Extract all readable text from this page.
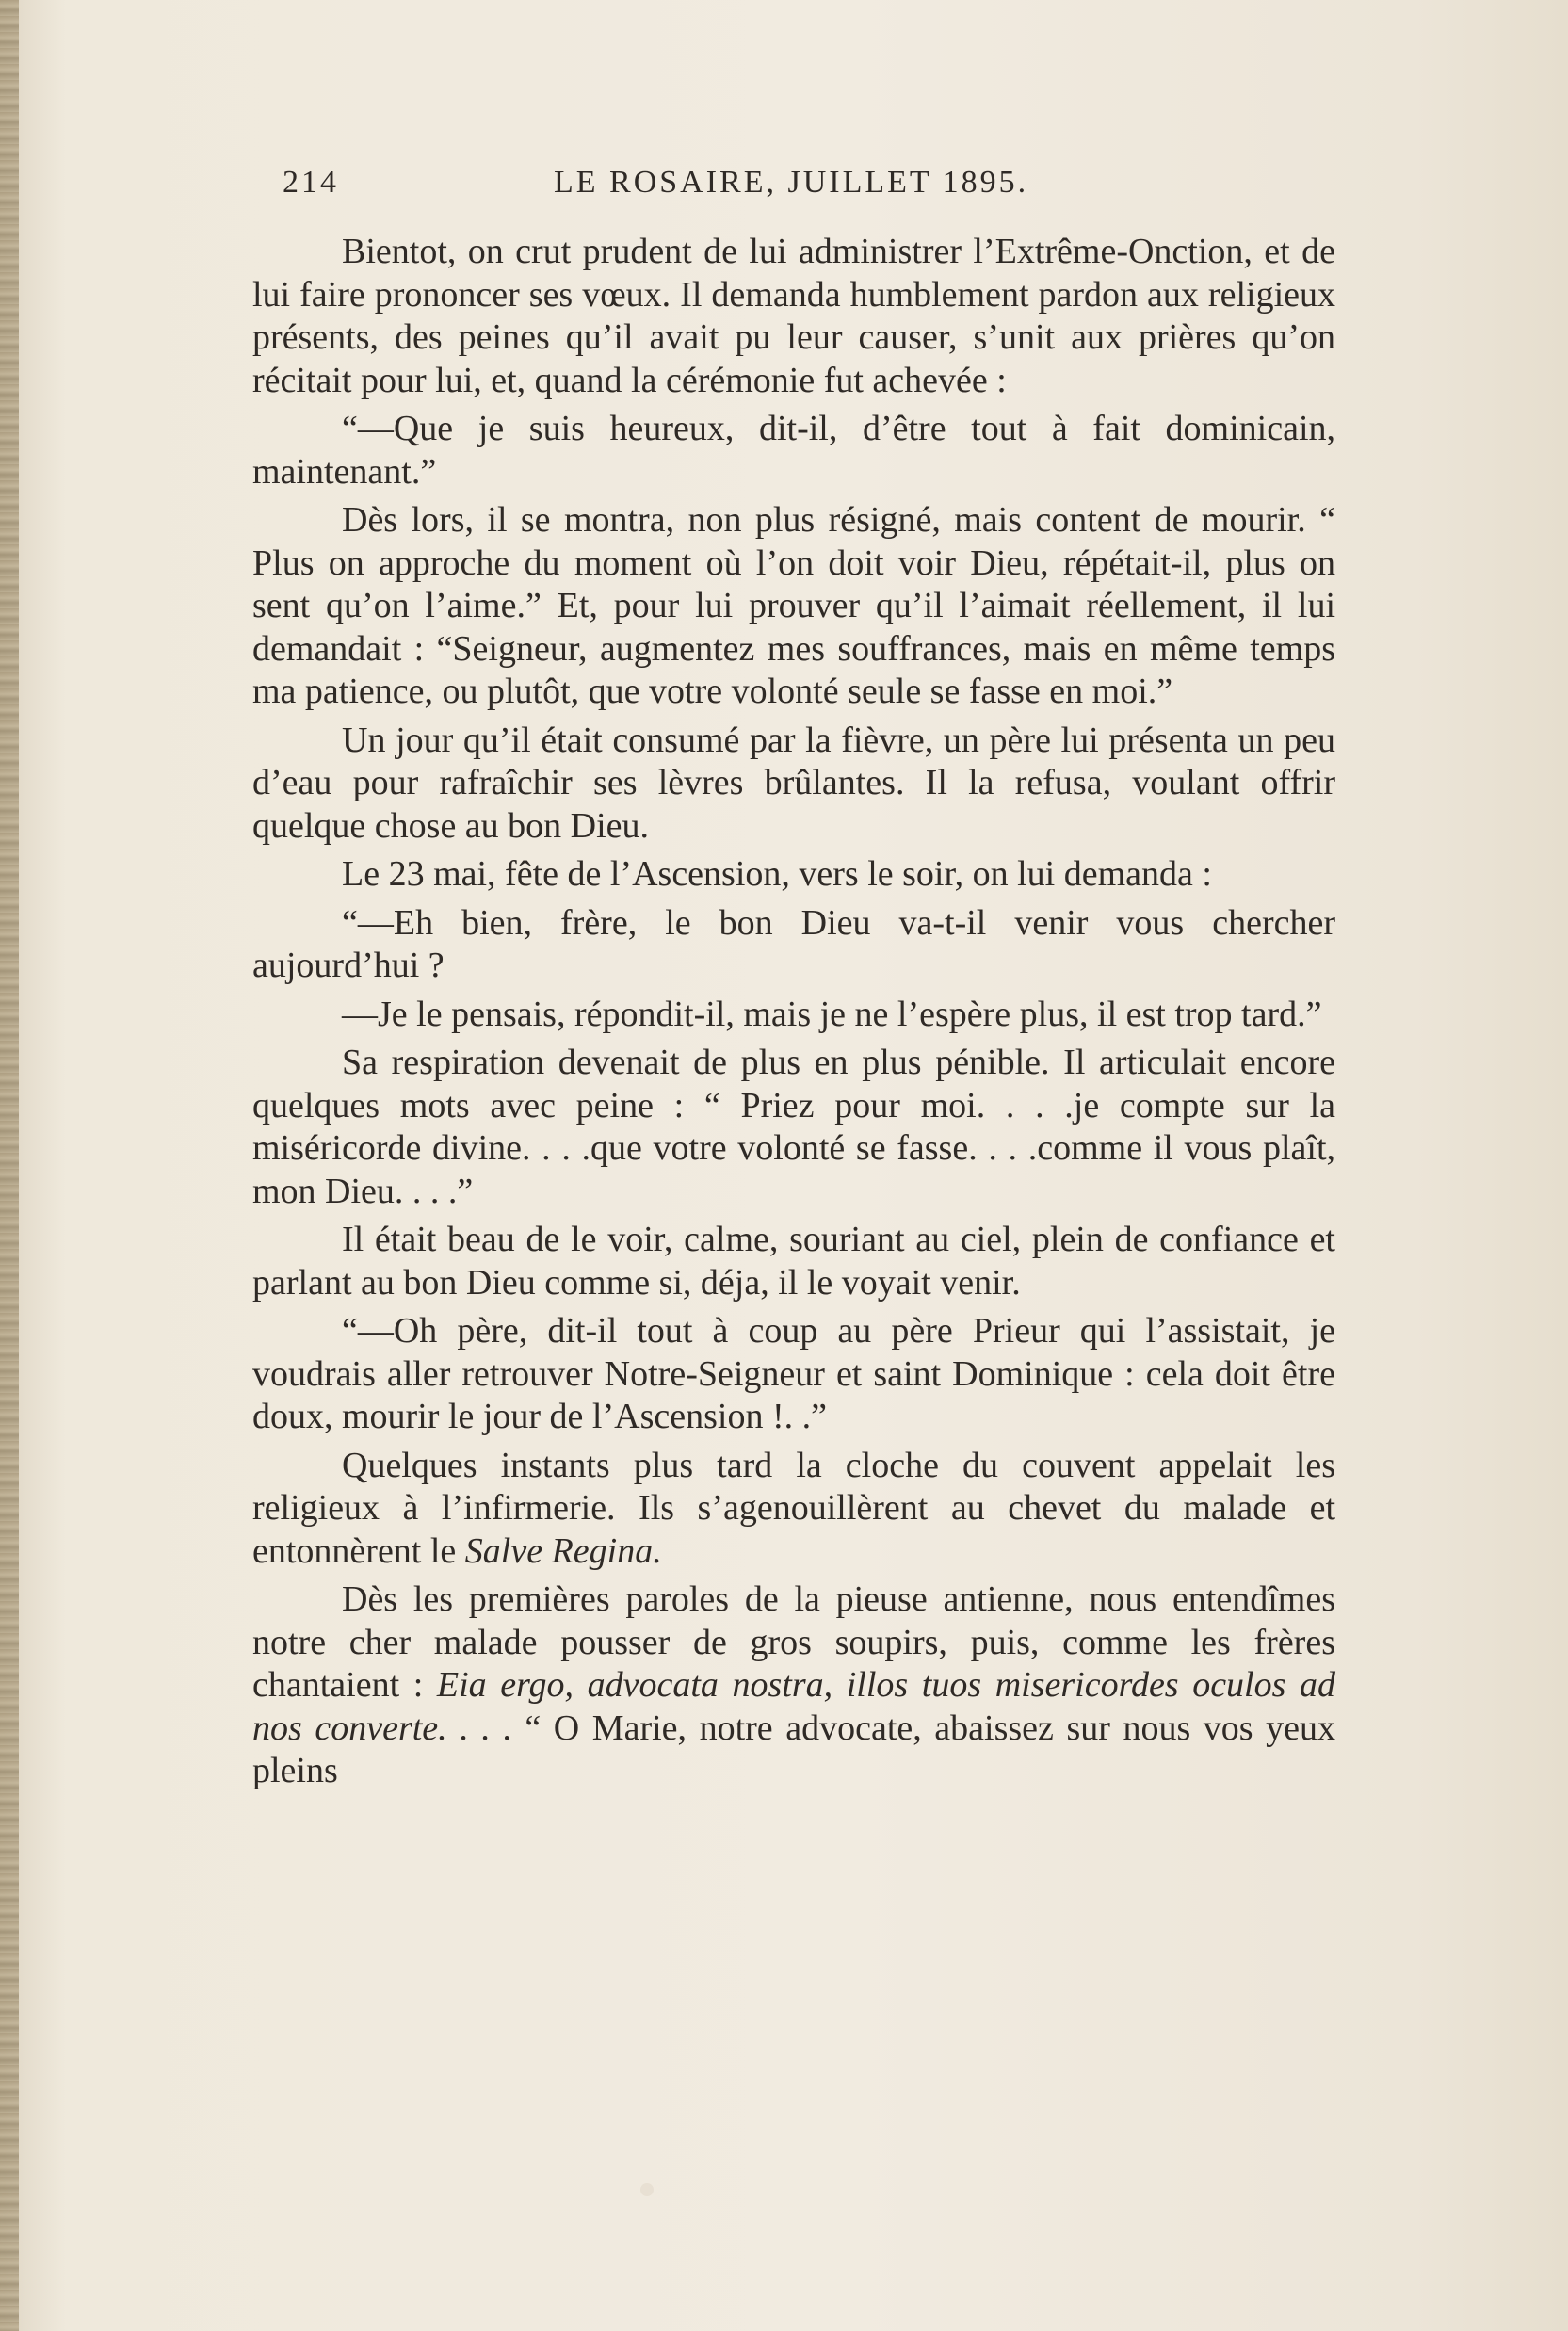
214	LE ROSAIRE, JUILLET 1895.

Bientot, on crut prudent de lui administrer l’Extrême-Onction, et de lui faire prononcer ses vœux. Il demanda humblement pardon aux religieux présents, des peines qu’il avait pu leur causer, s’unit aux prières qu’on récitait pour lui, et, quand la cérémonie fut achevée :

“—Que je suis heureux, dit-il, d’être tout à fait dominicain, maintenant.”

Dès lors, il se montra, non plus résigné, mais content de mourir. “ Plus on approche du moment où l’on doit voir Dieu, répétait-il, plus on sent qu’on l’aime.” Et, pour lui prouver qu’il l’aimait réellement, il lui demandait : “Seigneur, augmentez mes souffrances, mais en même temps ma patience, ou plutôt, que votre volonté seule se fasse en moi.”

Un jour qu’il était consumé par la fièvre, un père lui présenta un peu d’eau pour rafraîchir ses lèvres brûlantes. Il la refusa, voulant offrir quelque chose au bon Dieu.

Le 23 mai, fête de l’Ascension, vers le soir, on lui demanda :

“—Eh bien, frère, le bon Dieu va-t-il venir vous chercher aujourd’hui ?

—Je le pensais, répondit-il, mais je ne l’espère plus, il est trop tard.”

Sa respiration devenait de plus en plus pénible. Il articulait encore quelques mots avec peine : “ Priez pour moi. . . .je compte sur la miséricorde divine. . . .que votre volonté se fasse. . . .comme il vous plaît, mon Dieu. . . .”

Il était beau de le voir, calme, souriant au ciel, plein de confiance et parlant au bon Dieu comme si, déja, il le voyait venir.

“—Oh père, dit-il tout à coup au père Prieur qui l’assistait, je voudrais aller retrouver Notre-Seigneur et saint Dominique : cela doit être doux, mourir le jour de l’Ascension !. .”

Quelques instants plus tard la cloche du couvent appelait les religieux à l’infirmerie. Ils s’agenouillèrent au chevet du malade et entonnèrent le Salve Regina.

Dès les premières paroles de la pieuse antienne, nous entendîmes notre cher malade pousser de gros soupirs, puis, comme les frères chantaient : Eia ergo, advocata nostra, illos tuos misericordes oculos ad nos converte. . . . “ O Marie, notre advocate, abaissez sur nous vos yeux pleins
